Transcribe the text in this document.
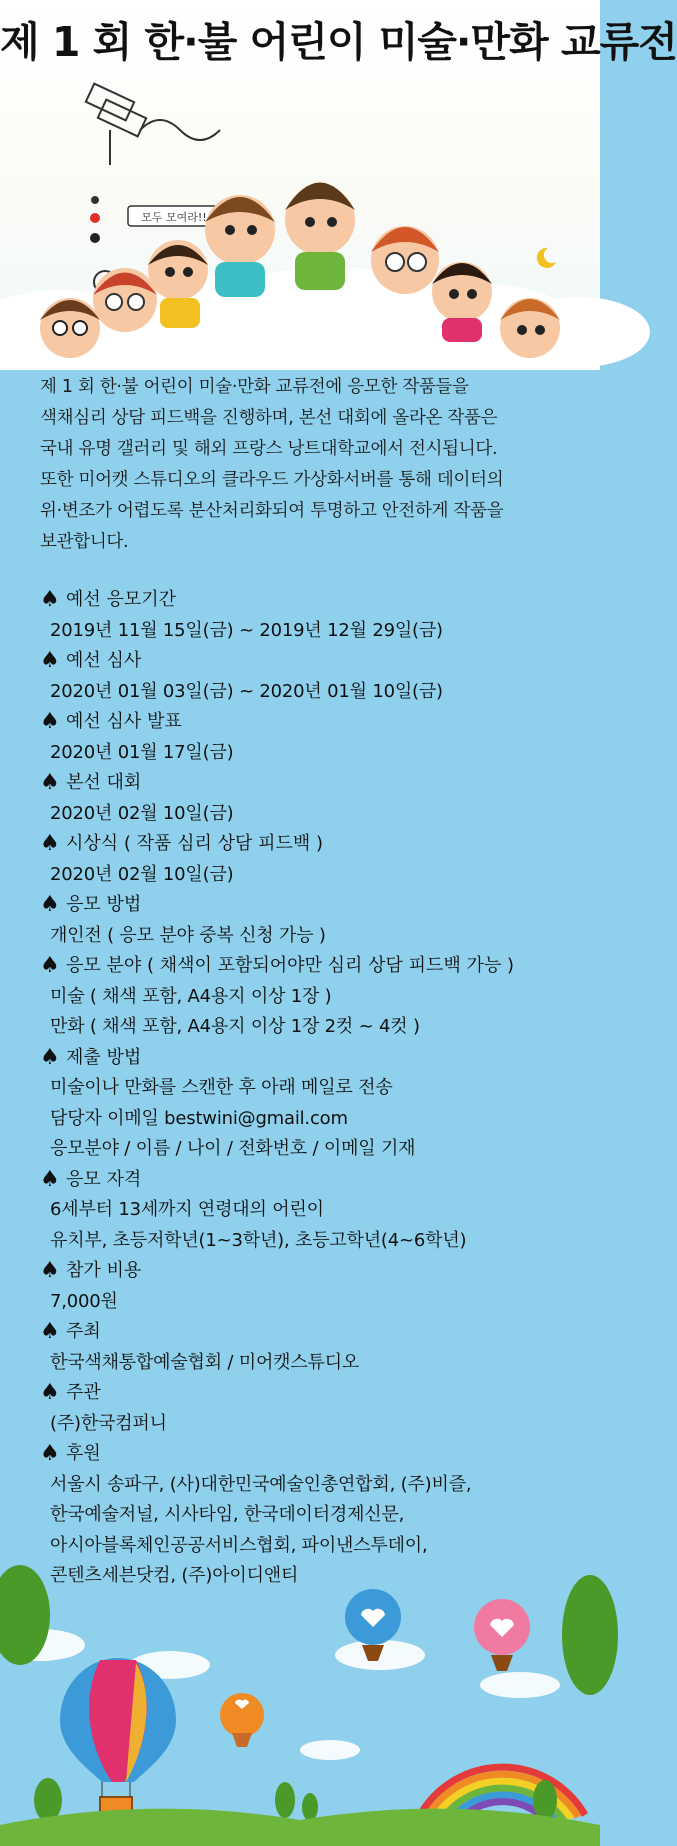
제 1 회 한·불 어린이 미술·만화 교류전
모두 모여라!!

제 1 회 한·불 어린이 미술·만화 교류전에 응모한 작품들을

색채심리 상담 피드백을 진행하며, 본선 대회에 올라온 작품은

국내 유명 갤러리 및 해외 프랑스 낭트대학교에서 전시됩니다.

또한 미어캣 스튜디오의 클라우드 가상화서버를 통해 데이터의

위·변조가 어렵도록 분산처리화되여 투명하고 안전하게 작품을

보관합니다.

♠ 예선 응모기간

2019년 11월 15일(금) ~ 2019년 12월 29일(금)

♠ 예선 심사

2020년 01월 03일(금) ~ 2020년 01월 10일(금)

♠ 예선 심사 발표

2020년 01월 17일(금)

♠ 본선 대회

2020년 02월 10일(금)

♠ 시상식 ( 작품 심리 상담 피드백 )

2020년 02월 10일(금)

♠ 응모 방법

개인전 ( 응모 분야 중복 신청 가능 )

♠ 응모 분야 ( 채색이 포함되어야만 심리 상담 피드백 가능 )

미술 ( 채색 포함, A4용지 이상 1장 )

만화 ( 채색 포함, A4용지 이상 1장 2컷 ~ 4컷 )

♠ 제출 방법

미술이나 만화를 스캔한 후 아래 메일로 전송

담당자 이메일 bestwini@gmail.com

응모분야 / 이름 / 나이 / 전화번호 / 이메일 기재

♠ 응모 자격

6세부터 13세까지 연령대의 어린이

유치부, 초등저학년(1~3학년), 초등고학년(4~6학년)

♠ 참가 비용

7,000원

♠ 주최

한국색채통합예술협회 / 미어캣스튜디오

♠ 주관

(주)한국컴퍼니

♠ 후원

서울시 송파구, (사)대한민국예술인총연합회, (주)비즐,

한국예술저널, 시사타임, 한국데이터경제신문,

아시아블록체인공공서비스협회, 파이낸스투데이,

콘텐츠세븐닷컴, (주)아이디앤티
